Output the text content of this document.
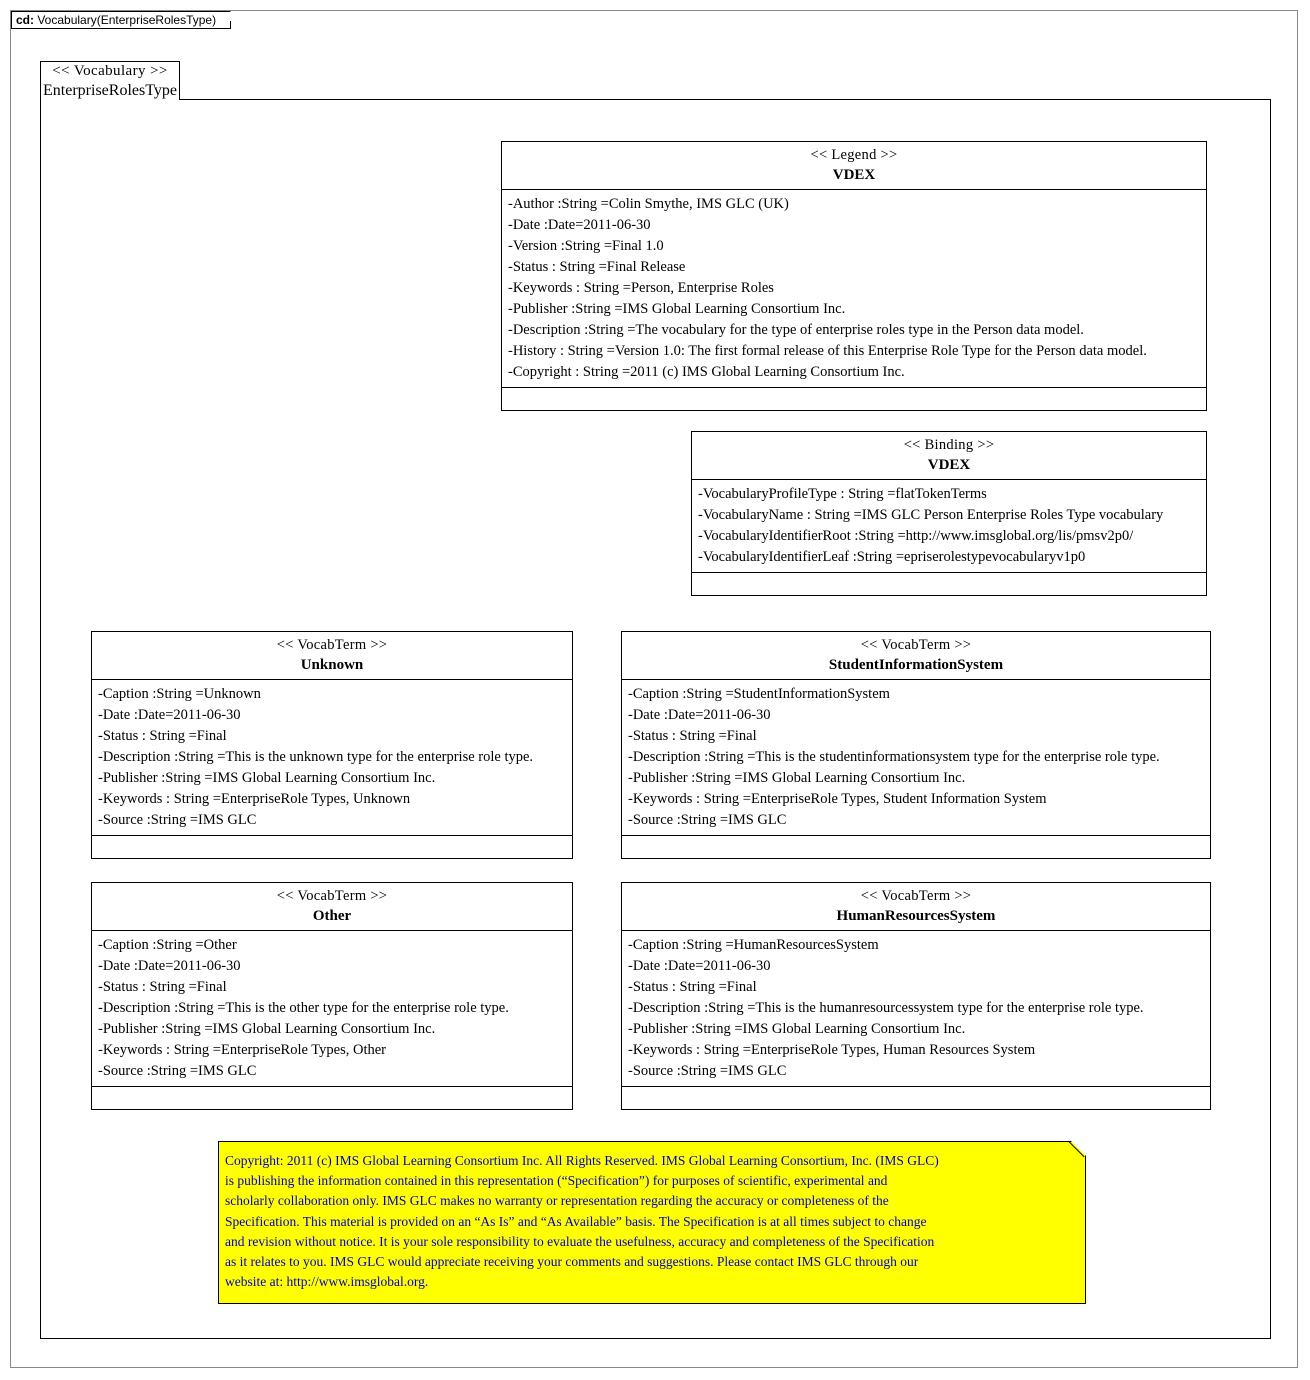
cd: Vocabulary(EnterpriseRolesType)
<< Vocabulary >>
EnterpriseRolesType
<< Legend >>
VDEX
-Author :String =Colin Smythe, IMS GLC (UK)
-Date :Date=2011-06-30
-Version :String =Final 1.0
-Status : String =Final Release
-Keywords : String =Person, Enterprise Roles
-Publisher :String =IMS Global Learning Consortium Inc.
-Description :String =The vocabulary for the type of enterprise roles type in the Person data model.
-History : String =Version 1.0: The first formal release of this Enterprise Role Type for the Person data model.
-Copyright : String =2011 (c) IMS Global Learning Consortium Inc.
<< Binding >>
VDEX
-VocabularyProfileType : String =flatTokenTerms
-VocabularyName : String =IMS GLC Person Enterprise Roles Type vocabulary
-VocabularyIdentifierRoot :String =http://www.imsglobal.org/lis/pmsv2p0/
-VocabularyIdentifierLeaf :String =epriserolestypevocabularyv1p0
<< VocabTerm >>
Unknown
-Caption :String =Unknown
-Date :Date=2011-06-30
-Status : String =Final
-Description :String =This is the unknown type for the enterprise role type.
-Publisher :String =IMS Global Learning Consortium Inc.
-Keywords : String =EnterpriseRole Types, Unknown
-Source :String =IMS GLC
<< VocabTerm >>
StudentInformationSystem
-Caption :String =StudentInformationSystem
-Date :Date=2011-06-30
-Status : String =Final
-Description :String =This is the studentinformationsystem type for the enterprise role type.
-Publisher :String =IMS Global Learning Consortium Inc.
-Keywords : String =EnterpriseRole Types, Student Information System
-Source :String =IMS GLC
<< VocabTerm >>
Other
-Caption :String =Other
-Date :Date=2011-06-30
-Status : String =Final
-Description :String =This is the other type for the enterprise role type.
-Publisher :String =IMS Global Learning Consortium Inc.
-Keywords : String =EnterpriseRole Types, Other
-Source :String =IMS GLC
<< VocabTerm >>
HumanResourcesSystem
-Caption :String =HumanResourcesSystem
-Date :Date=2011-06-30
-Status : String =Final
-Description :String =This is the humanresourcessystem type for the enterprise role type.
-Publisher :String =IMS Global Learning Consortium Inc.
-Keywords : String =EnterpriseRole Types, Human Resources System
-Source :String =IMS GLC
Copyright: 2011 (c) IMS Global Learning Consortium Inc. All Rights Reserved. IMS Global Learning Consortium, Inc. (IMS GLC)
is publishing the information contained in this representation (“Specification”) for purposes of scientific, experimental and
scholarly collaboration only. IMS GLC makes no warranty or representation regarding the accuracy or completeness of the
Specification. This material is provided on an “As Is” and “As Available” basis. The Specification is at all times subject to change
and revision without notice. It is your sole responsibility to evaluate the usefulness, accuracy and completeness of the Specification
as it relates to you. IMS GLC would appreciate receiving your comments and suggestions. Please contact IMS GLC through our
website at: http://www.imsglobal.org.
